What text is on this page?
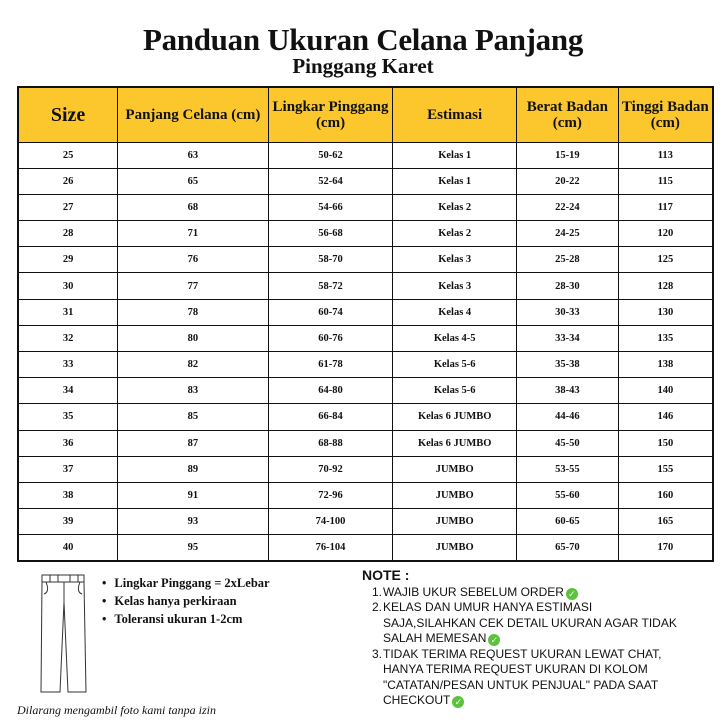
Panduan Ukuran Celana Panjang
Pinggang Karet
Size	Panjang Celana (cm)	Lingkar Pinggang (cm)	Estimasi	Berat Badan (cm)	Tinggi Badan (cm)
25	63	50-62	Kelas 1	15-19	113
26	65	52-64	Kelas 1	20-22	115
27	68	54-66	Kelas 2	22-24	117
28	71	56-68	Kelas 2	24-25	120
29	76	58-70	Kelas 3	25-28	125
30	77	58-72	Kelas 3	28-30	128
31	78	60-74	Kelas 4	30-33	130
32	80	60-76	Kelas 4-5	33-34	135
33	82	61-78	Kelas 5-6	35-38	138
34	83	64-80	Kelas 5-6	38-43	140
35	85	66-84	Kelas 6 JUMBO	44-46	146
36	87	68-88	Kelas 6 JUMBO	45-50	150
37	89	70-92	JUMBO	53-55	155
38	91	72-96	JUMBO	55-60	160
39	93	74-100	JUMBO	60-65	165
40	95	76-104	JUMBO	65-70	170
• Lingkar Pinggang = 2xLebar
• Kelas hanya perkiraan
• Toleransi ukuran 1-2cm
Dilarang mengambil foto kami tanpa izin
NOTE :
1.WAJIB UKUR SEBELUM ORDER ✓
2.KELAS DAN UMUR HANYA ESTIMASI
SAJA,SILAHKAN CEK DETAIL UKURAN AGAR TIDAK
SALAH MEMESAN ✓
3.TIDAK TERIMA REQUEST UKURAN LEWAT CHAT,
HANYA TERIMA REQUEST UKURAN DI KOLOM
"CATATAN/PESAN UNTUK PENJUAL" PADA SAAT
CHECKOUT ✓
